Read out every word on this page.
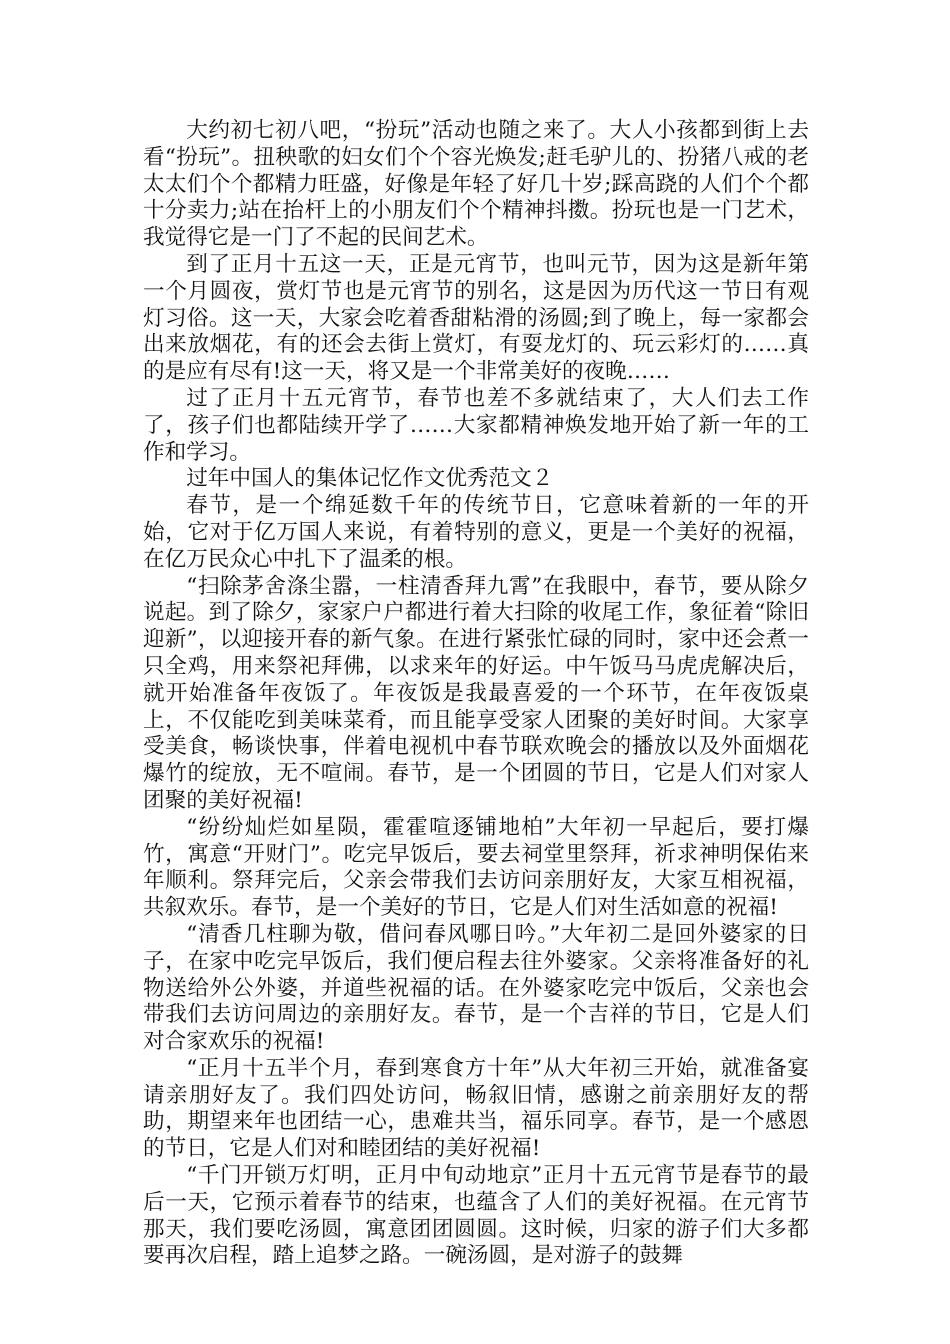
大约初七初八吧，“扮玩”活动也随之来了。大人小孩都到街上去看“扮玩”。扭秧歌的妇女们个个容光焕发;赶毛驴儿的、扮猪八戒的老太太们个个都精力旺盛，好像是年轻了好几十岁;踩高跷的人们个个都十分卖力;站在抬杆上的小朋友们个个精神抖擞。扮玩也是一门艺术，我觉得它是一门了不起的民间艺术。

到了正月十五这一天，正是元宵节，也叫元节，因为这是新年第一个月圆夜，赏灯节也是元宵节的别名，这是因为历代这一节日有观灯习俗。这一天，大家会吃着香甜粘滑的汤圆;到了晚上，每一家都会出来放烟花，有的还会去街上赏灯，有耍龙灯的、玩云彩灯的……真的是应有尽有!这一天，将又是一个非常美好的夜晚……

过了正月十五元宵节，春节也差不多就结束了，大人们去工作了，孩子们也都陆续开学了……大家都精神焕发地开始了新一年的工作和学习。

过年中国人的集体记忆作文优秀范文２

春节，是一个绵延数千年的传统节日，它意味着新的一年的开始，它对于亿万国人来说，有着特别的意义，更是一个美好的祝福，在亿万民众心中扎下了温柔的根。

“扫除茅舍涤尘嚣，一柱清香拜九霄”在我眼中，春节，要从除夕说起。到了除夕，家家户户都进行着大扫除的收尾工作，象征着“除旧迎新”，以迎接开春的新气象。在进行紧张忙碌的同时，家中还会煮一只全鸡，用来祭祀拜佛，以求来年的好运。中午饭马马虎虎解决后，就开始准备年夜饭了。年夜饭是我最喜爱的一个环节，在年夜饭桌上，不仅能吃到美味菜肴，而且能享受家人团聚的美好时间。大家享受美食，畅谈快事，伴着电视机中春节联欢晚会的播放以及外面烟花爆竹的绽放，无不喧闹。春节，是一个团圆的节日，它是人们对家人团聚的美好祝福!

“纷纷灿烂如星陨，霍霍喧逐铺地柏”大年初一早起后，要打爆竹，寓意“开财门”。吃完早饭后，要去祠堂里祭拜，祈求神明保佑来年顺利。祭拜完后，父亲会带我们去访问亲朋好友，大家互相祝福，共叙欢乐。春节，是一个美好的节日，它是人们对生活如意的祝福!

“清香几柱聊为敬，借问春风哪日吟。”大年初二是回外婆家的日子，在家中吃完早饭后，我们便启程去往外婆家。父亲将准备好的礼物送给外公外婆，并道些祝福的话。在外婆家吃完中饭后，父亲也会带我们去访问周边的亲朋好友。春节，是一个吉祥的节日，它是人们对合家欢乐的祝福!

“正月十五半个月，春到寒食方十年”从大年初三开始，就准备宴请亲朋好友了。我们四处访问，畅叙旧情，感谢之前亲朋好友的帮助，期望来年也团结一心，患难共当，福乐同享。春节，是一个感恩的节日，它是人们对和睦团结的美好祝福!

“千门开锁万灯明，正月中旬动地京”正月十五元宵节是春节的最后一天，它预示着春节的结束，也蕴含了人们的美好祝福。在元宵节那天，我们要吃汤圆，寓意团团圆圆。这时候，归家的游子们大多都要再次启程，踏上追梦之路。一碗汤圆，是对游子的鼓舞
